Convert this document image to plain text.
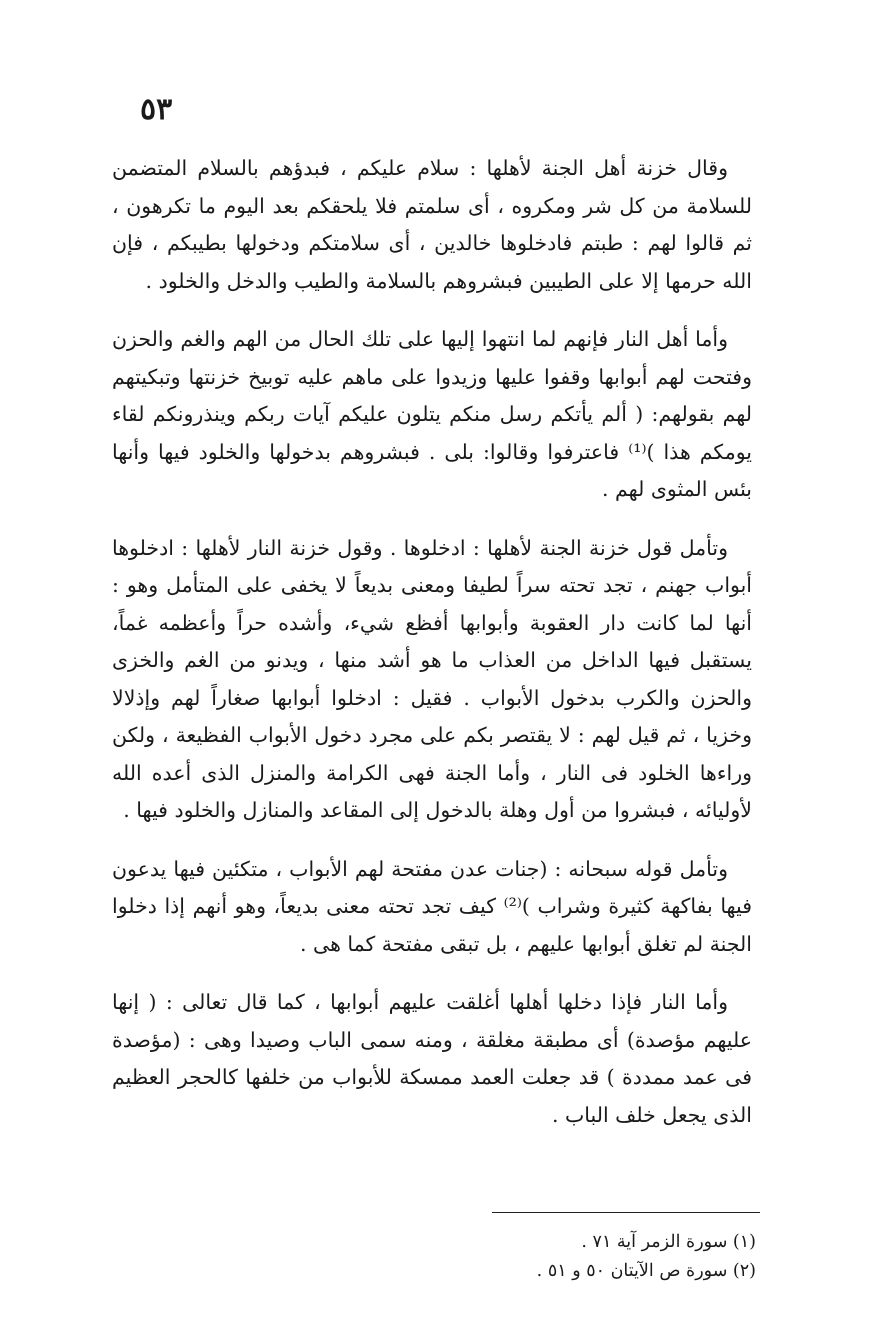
٥٣

وقال خزنة أهل الجنة لأهلها : سلام عليكم ، فبدؤهم بالسلام المتضمن للسلامة من كل شر ومكروه ، أى سلمتم فلا يلحقكم بعد اليوم ما تكرهون ، ثم قالوا لهم : طبتم فادخلوها خالدين ، أى سلامتكم ودخولها بطيبكم ، فإن الله حرمها إلا على الطيبين فبشروهم بالسلامة والطيب والدخل والخلود .

وأما أهل النار فإنهم لما انتهوا إليها على تلك الحال من الهم والغم والحزن وفتحت لهم أبوابها وقفوا عليها وزيدوا على ماهم عليه توبيخ خزنتها وتبكيتهم لهم بقولهم: ( ألم يأتكم رسل منكم يتلون عليكم آيات ربكم وينذرونكم لقاء يومكم هذا )⁽¹⁾ فاعترفوا وقالوا: بلى . فبشروهم بدخولها والخلود فيها وأنها بئس المثوى لهم .

وتأمل قول خزنة الجنة لأهلها : ادخلوها . وقول خزنة النار لأهلها : ادخلوها أبواب جهنم ، تجد تحته سراً لطيفا ومعنى بديعاً لا يخفى على المتأمل وهو : أنها لما كانت دار العقوبة وأبوابها أفظع شيء، وأشده حراً وأعظمه غماً، يستقبل فيها الداخل من العذاب ما هو أشد منها ، ويدنو من الغم والخزى والحزن والكرب بدخول الأبواب . فقيل : ادخلوا أبوابها صغاراً لهم وإذلالا وخزيا ، ثم قيل لهم : لا يقتصر بكم على مجرد دخول الأبواب الفظيعة ، ولكن وراءها الخلود فى النار ، وأما الجنة فهى الكرامة والمنزل الذى أعده الله لأوليائه ، فبشروا من أول وهلة بالدخول إلى المقاعد والمنازل والخلود فيها .

وتأمل قوله سبحانه : (جنات عدن مفتحة لهم الأبواب ، متكئين فيها يدعون فيها بفاكهة كثيرة وشراب )⁽²⁾ كيف تجد تحته معنى بديعاً، وهو أنهم إذا دخلوا الجنة لم تغلق أبوابها عليهم ، بل تبقى مفتحة كما هى .

وأما النار فإذا دخلها أهلها أغلقت عليهم أبوابها ، كما قال تعالى : ( إنها عليهم مؤصدة) أى مطبقة مغلقة ، ومنه سمى الباب وصيدا وهى : (مؤصدة فى عمد ممددة ) قد جعلت العمد ممسكة للأبواب من خلفها كالحجر العظيم الذى يجعل خلف الباب .

(١) سورة الزمر آية ٧١ .

(٢) سورة ص الآيتان ٥٠ و ٥١ .
